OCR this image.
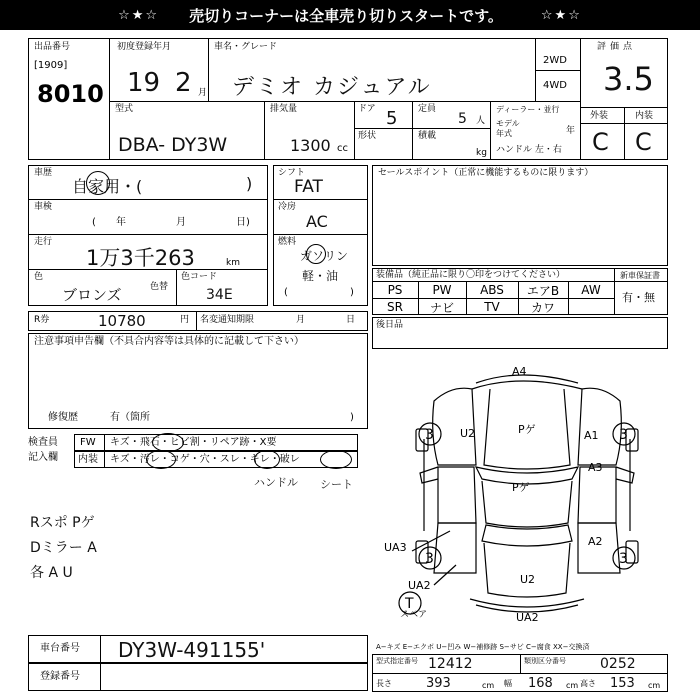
☆★☆ 売切りコーナーは全車売り切りスタートです。	☆★☆
出品番号
[1909]
8010
初度登録年月
19 2 月
車名・グレード
デミオ カジュアル
2WD
4WD
評価点
3.5
型式
DBA- DY3W
排気量
1300 cc
ドア 5 定員
5 人
形状	積載
kg
ディーラー・並行
モデル
年式	年
ハンドル 左・右
外装	内装
C C
車歴
自家用・(	)
車検
( 年	月	日)
走行
1万3千263	km
色
ブロンズ	色替
色コード
34E
シフト
FAT
冷房
AC
燃料
ガソリン
軽・油
(	)
セールスポイント（正常に機能するものに限ります）
装備品（純正品に限り〇印をつけてください）	新車保証書
PS	PW	ABS	エアB	AW
SR	ナビ	TV	カワ
有・無
R券	10780	円 名変通知期限	月	日 後日品
注意事項申告欄（不具合内容等は具体的に記載して下さい）
修復歴	有（箇所	)
検査員
記入欄
FW キズ・飛石・ヒビ割・リペア跡・X要
内装 キズ・汚レ・コゲ・穴・スレ・キレ・破レ
ハンドル シート
Rスポ Pゲ
Dミラー A
各 A U
A4
U2	Pゲ	A1
A3
Pゲ
UA3	A2
U2
UA2
UA2
スペア
3	3
3	3
T
車台番号 DY3W-491155'
登録番号
A−キズ E−エクボ U−凹み W−補修跡 S−サビ C−腐食 XX−交換済
型式指定番号 12412	類別区分番号 0252
長さ	393	cm 幅 168 cm 高さ 153 cm
